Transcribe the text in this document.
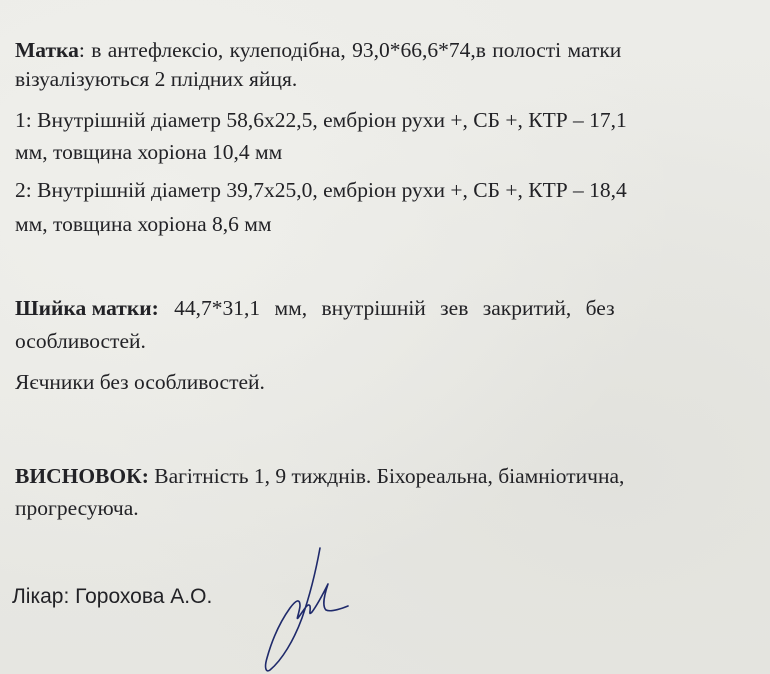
Матка: в антефлексіо, кулеподібна, 93,0*66,6*74,в полості матки
візуалізуються 2 плідних яйця.
1: Внутрішній діаметр 58,6х22,5, ембріон рухи +, СБ +, КТР – 17,1
мм, товщина хоріона 10,4 мм
2: Внутрішній діаметр 39,7х25,0, ембріон рухи +, СБ +, КТР – 18,4
мм, товщина хоріона 8,6 мм
Шийка матки: 44,7*31,1 мм, внутрішній зев закритий, без
особливостей.
Яєчники без особливостей.
ВИСНОВОК: Вагітність 1, 9 тиждні​в. Біхореальна, біамніотична,
прогресуюча.
Лікар: Горохова А.О.
